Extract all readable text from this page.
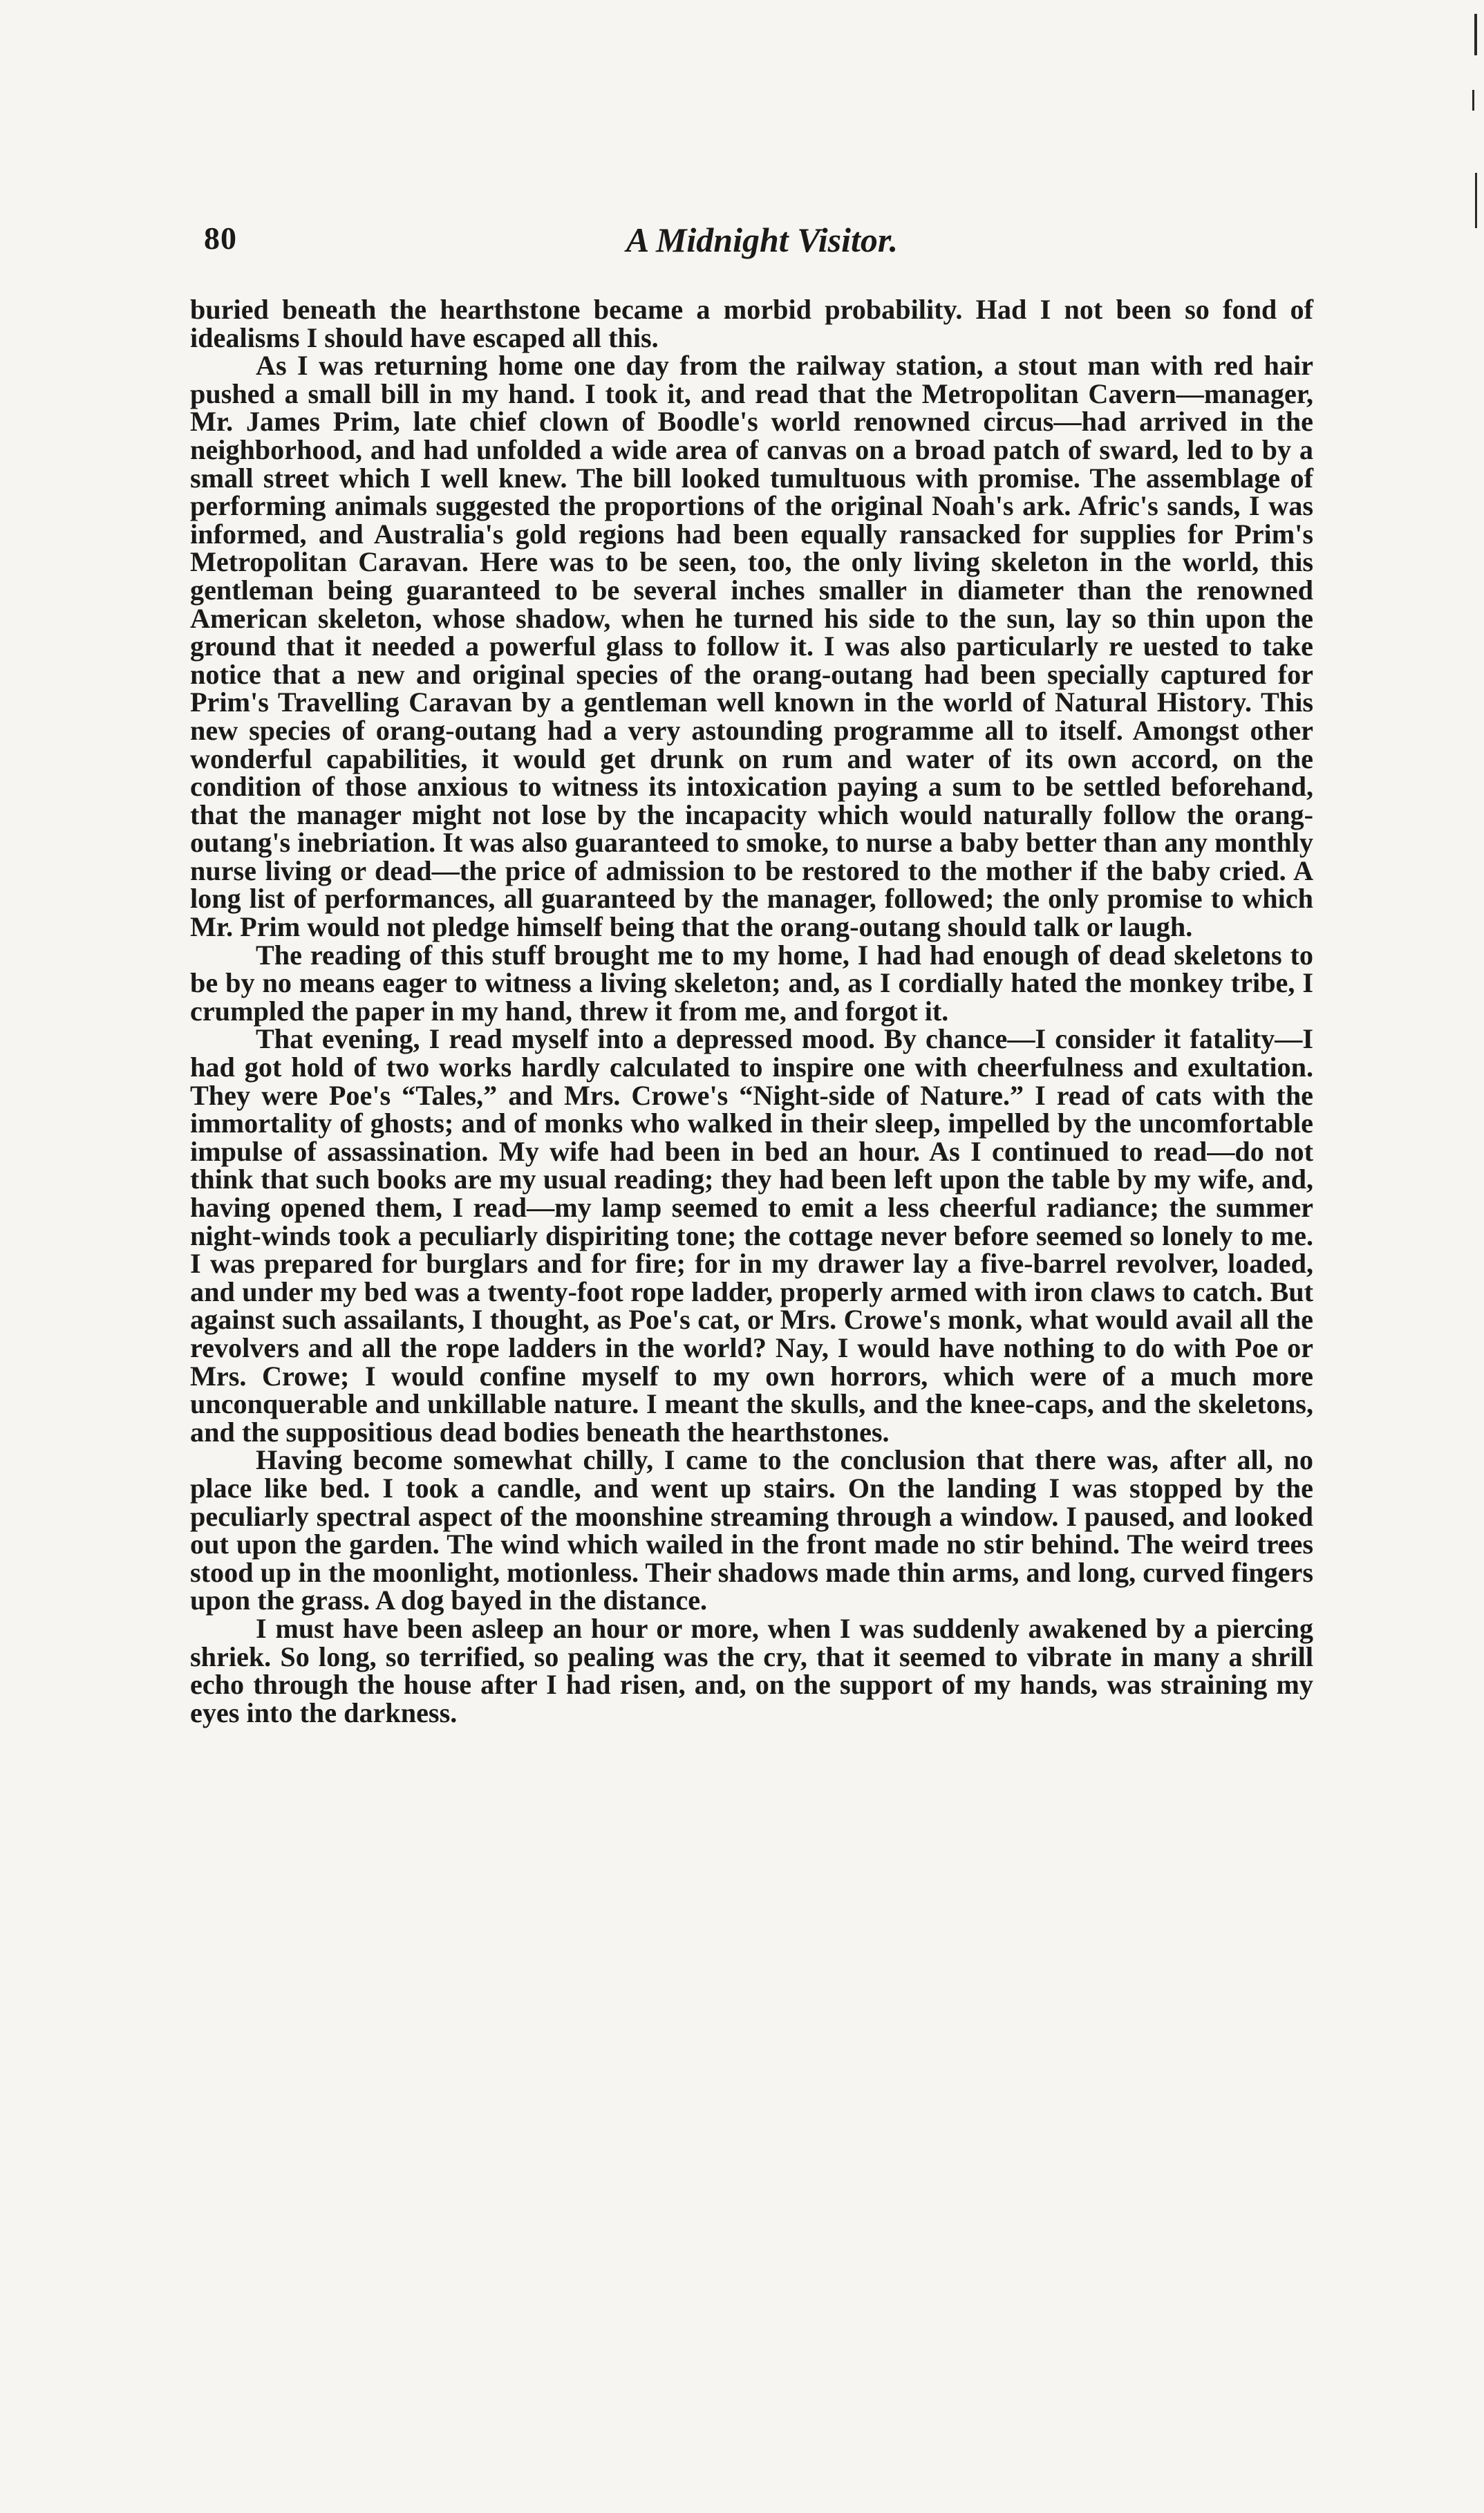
80	A Midnight Visitor.

buried beneath the hearthstone became a morbid probability. Had I not been so fond of idealisms I should have escaped all this.

As I was returning home one day from the railway station, a stout man with red hair pushed a small bill in my hand. I took it, and read that the Metropolitan Cavern—manager, Mr. James Prim, late chief clown of Boodle's world renowned circus—had arrived in the neighborhood, and had unfolded a wide area of canvas on a broad patch of sward, led to by a small street which I well knew. The bill looked tumultuous with promise. The assemblage of performing animals suggested the proportions of the original Noah's ark. Afric's sands, I was informed, and Australia's gold regions had been equally ransacked for supplies for Prim's Metropolitan Caravan. Here was to be seen, too, the only living skeleton in the world, this gentleman being guaranteed to be several inches smaller in diameter than the renowned American skeleton, whose shadow, when he turned his side to the sun, lay so thin upon the ground that it needed a powerful glass to follow it. I was also particularly re uested to take notice that a new and original species of the orang-outang had been specially captured for Prim's Travelling Caravan by a gentleman well known in the world of Natural History. This new species of orang-outang had a very astounding programme all to itself. Amongst other wonderful capabilities, it would get drunk on rum and water of its own accord, on the condition of those anxious to witness its intoxication paying a sum to be settled beforehand, that the manager might not lose by the incapacity which would naturally follow the orang-outang's inebriation. It was also guaranteed to smoke, to nurse a baby better than any monthly nurse living or dead—the price of admission to be restored to the mother if the baby cried. A long list of performances, all guaranteed by the manager, followed; the only promise to which Mr. Prim would not pledge himself being that the orang-outang should talk or laugh.

The reading of this stuff brought me to my home, I had had enough of dead skeletons to be by no means eager to witness a living skeleton; and, as I cordially hated the monkey tribe, I crumpled the paper in my hand, threw it from me, and forgot it.

That evening, I read myself into a depressed mood. By chance—I consider it fatality—I had got hold of two works hardly calculated to inspire one with cheerfulness and exultation. They were Poe's “Tales,” and Mrs. Crowe's “Night-side of Nature.” I read of cats with the immortality of ghosts; and of monks who walked in their sleep, impelled by the uncomfortable impulse of assassination. My wife had been in bed an hour. As I continued to read—do not think that such books are my usual reading; they had been left upon the table by my wife, and, having opened them, I read—my lamp seemed to emit a less cheerful radiance; the summer night-winds took a peculiarly dispiriting tone; the cottage never before seemed so lonely to me. I was prepared for burglars and for fire; for in my drawer lay a five-barrel revolver, loaded, and under my bed was a twenty-foot rope ladder, properly armed with iron claws to catch. But against such assailants, I thought, as Poe's cat, or Mrs. Crowe's monk, what would avail all the revolvers and all the rope ladders in the world? Nay, I would have nothing to do with Poe or Mrs. Crowe; I would confine myself to my own horrors, which were of a much more unconquerable and unkillable nature. I meant the skulls, and the knee-caps, and the skeletons, and the suppositious dead bodies beneath the hearthstones.

Having become somewhat chilly, I came to the conclusion that there was, after all, no place like bed. I took a candle, and went up stairs. On the landing I was stopped by the peculiarly spectral aspect of the moonshine streaming through a window. I paused, and looked out upon the garden. The wind which wailed in the front made no stir behind. The weird trees stood up in the moonlight, motionless. Their shadows made thin arms, and long, curved fingers upon the grass. A dog bayed in the distance.

I must have been asleep an hour or more, when I was suddenly awakened by a piercing shriek. So long, so terrified, so pealing was the cry, that it seemed to vibrate in many a shrill echo through the house after I had risen, and, on the support of my hands, was straining my eyes into the darkness.
